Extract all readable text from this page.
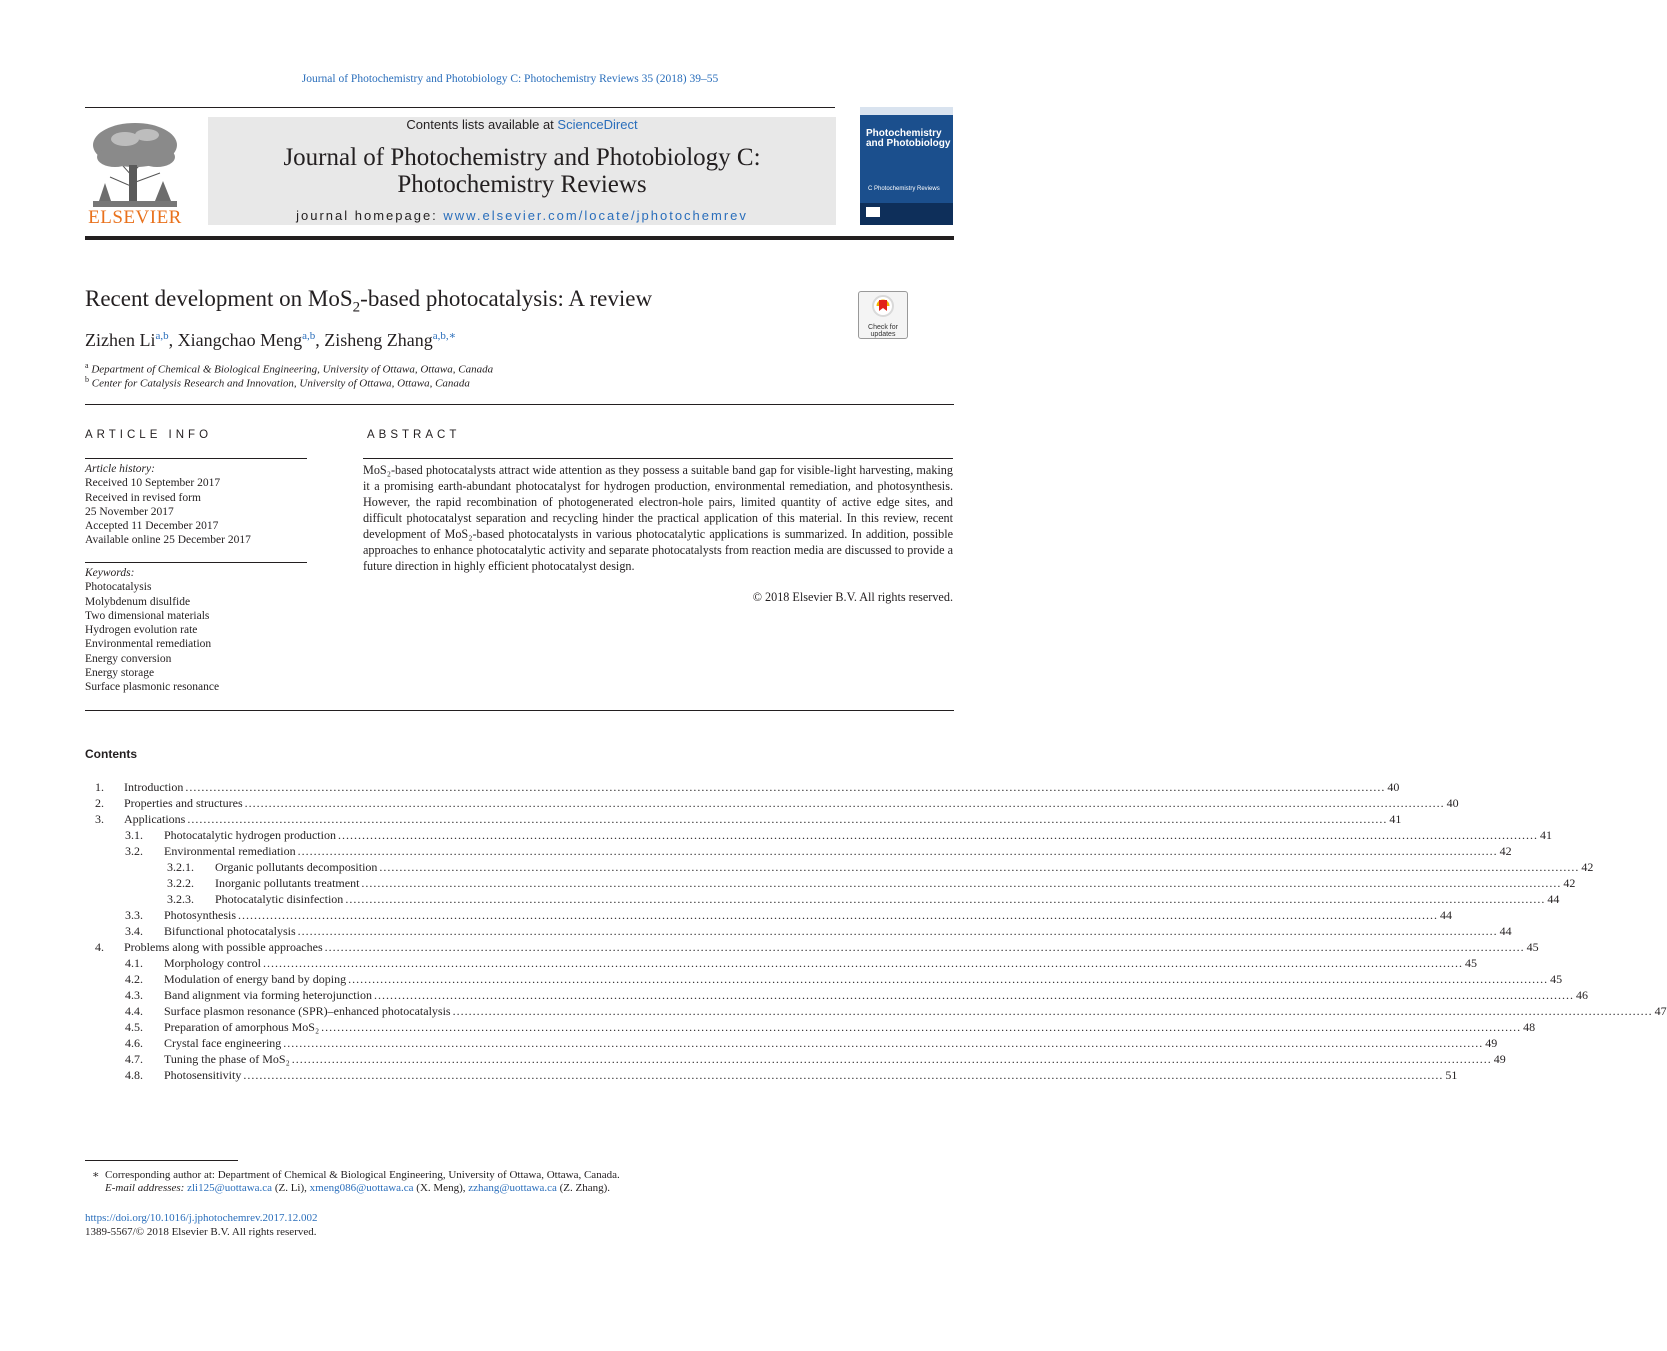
Journal of Photochemistry and Photobiology C: Photochemistry Reviews 35 (2018) 39–55
ELSEVIER
Contents lists available at ScienceDirect
Journal of Photochemistry and Photobiology C:
Photochemistry Reviews
journal homepage: www.elsevier.com/locate/jphotochemrev
Photochemistry
and Photobiology
C Photochemistry Reviews
Recent development on MoS$_2$-based photocatalysis: A review
Check for updates
Zizhen Li$^{a,b}$, Xiangchao Meng$^{a,b}$, Zisheng Zhang$^{a,b,∗}$
$^a$ Department of Chemical & Biological Engineering, University of Ottawa, Ottawa, Canada
$^b$ Center for Catalysis Research and Innovation, University of Ottawa, Ottawa, Canada
ARTICLE INFO
Article history:
Received 10 September 2017
Received in revised form
25 November 2017
Accepted 11 December 2017
Available online 25 December 2017
Keywords:
Photocatalysis
Molybdenum disulfide
Two dimensional materials
Hydrogen evolution rate
Environmental remediation
Energy conversion
Energy storage
Surface plasmonic resonance
ABSTRACT
MoS₂-based photocatalysts attract wide attention as they possess a suitable band gap for visible-light harvesting, making it a promising earth-abundant photocatalyst for hydrogen production, environmental remediation, and photosynthesis. However, the rapid recombination of photogenerated electron-hole pairs, limited quantity of active edge sites, and difficult photocatalyst separation and recycling hinder the practical application of this material. In this review, recent development of MoS₂-based photocatalysts in various photocatalytic applications is summarized. In addition, possible approaches to enhance photocatalytic activity and separate photocatalysts from reaction media are discussed to provide a future direction in highly efficient photocatalyst design.
© 2018 Elsevier B.V. All rights reserved.
Contents
1. Introduction ............................................................................................................................................................................................................................................................................................................ 40
2. Properties and structures ............................................................................................................................................................................................................................................................................................................ 40
3. Applications ............................................................................................................................................................................................................................................................................................................ 41
3.1. Photocatalytic hydrogen production ............................................................................................................................................................................................................................................................................................................ 41
3.2. Environmental remediation ............................................................................................................................................................................................................................................................................................................ 42
3.2.1. Organic pollutants decomposition ............................................................................................................................................................................................................................................................................................................ 42
3.2.2. Inorganic pollutants treatment ............................................................................................................................................................................................................................................................................................................ 42
3.2.3. Photocatalytic disinfection ............................................................................................................................................................................................................................................................................................................ 44
3.3. Photosynthesis ............................................................................................................................................................................................................................................................................................................ 44
3.4. Bifunctional photocatalysis ............................................................................................................................................................................................................................................................................................................ 44
4. Problems along with possible approaches ............................................................................................................................................................................................................................................................................................................ 45
4.1. Morphology control ............................................................................................................................................................................................................................................................................................................ 45
4.2. Modulation of energy band by doping ............................................................................................................................................................................................................................................................................................................ 45
4.3. Band alignment via forming heterojunction ............................................................................................................................................................................................................................................................................................................ 46
4.4. Surface plasmon resonance (SPR)–enhanced photocatalysis ............................................................................................................................................................................................................................................................................................................ 47
4.5. Preparation of amorphous MoS₂ ............................................................................................................................................................................................................................................................................................................ 48
4.6. Crystal face engineering ............................................................................................................................................................................................................................................................................................................ 49
4.7. Tuning the phase of MoS₂ ............................................................................................................................................................................................................................................................................................................ 49
4.8. Photosensitivity ............................................................................................................................................................................................................................................................................................................ 51
∗ Corresponding author at: Department of Chemical & Biological Engineering, University of Ottawa, Ottawa, Canada.
E-mail addresses: zli125@uottawa.ca (Z. Li), xmeng086@uottawa.ca (X. Meng), zzhang@uottawa.ca (Z. Zhang).
https://doi.org/10.1016/j.jphotochemrev.2017.12.002
1389-5567/© 2018 Elsevier B.V. All rights reserved.
